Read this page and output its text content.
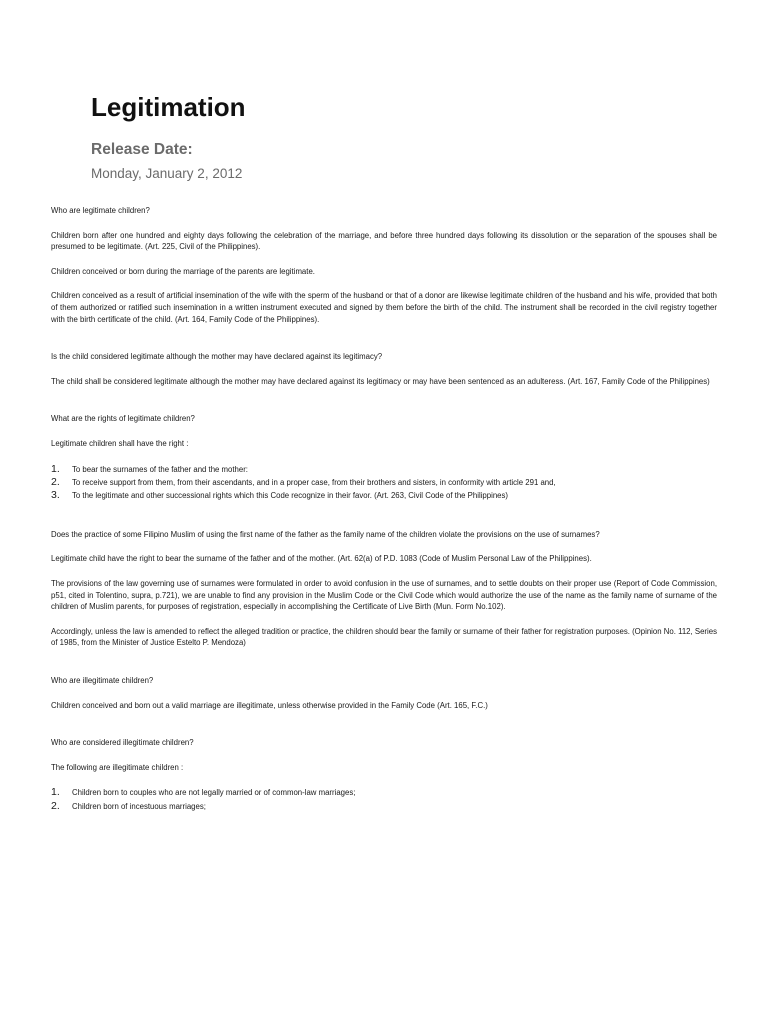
Legitimation
Release Date:
Monday, January 2, 2012

Who are legitimate children?

Children born after one hundred and eighty days following the celebration of the marriage, and before three hundred days following its dissolution or the separation of the spouses shall be presumed to be legitimate. (Art. 225, Civil of the Philippines).

Children conceived or born during the marriage of the parents are legitimate.

Children conceived as a result of artificial insemination of the wife with the sperm of the husband or that of a donor are likewise legitimate children of the husband and his wife, provided that both of them authorized or ratified such insemination in a written instrument executed and signed by them before the birth of the child. The instrument shall be recorded in the civil registry together with the birth certificate of the child. (Art. 164, Family Code of the Philippines).

Is the child considered legitimate although the mother may have declared against its legitimacy?

The child shall be considered legitimate although the mother may have declared against its legitimacy or may have been sentenced as an adulteress. (Art. 167, Family Code of the Philippines)

What are the rights of legitimate children?

Legitimate children shall have the right :

1. To bear the surnames of the father and the mother:
2. To receive support from them, from their ascendants, and in a proper case, from their brothers and sisters, in conformity with article 291 and,
3. To the legitimate and other successional rights which this Code recognize in their favor. (Art. 263, Civil Code of the Philippines)

Does the practice of some Filipino Muslim of using the first name of the father as the family name of the children violate the provisions on the use of surnames?

Legitimate child have the right to bear the surname of the father and of the mother. (Art. 62(a) of P.D. 1083 (Code of Muslim Personal Law of the Philippines).

The provisions of the law governing use of surnames were formulated in order to avoid confusion in the use of surnames, and to settle doubts on their proper use (Report of Code Commission, p51, cited in Tolentino, supra, p.721), we are unable to find any provision in the Muslim Code or the Civil Code which would authorize the use of the name as the family name of surname of the children of Muslim parents, for purposes of registration, especially in accomplishing the Certificate of Live Birth (Mun. Form No.102).

Accordingly, unless the law is amended to reflect the alleged tradition or practice, the children should bear the family or surname of their father for registration purposes. (Opinion No. 112, Series of 1985, from the Minister of Justice Estelto P. Mendoza)

Who are illegitimate children?

Children conceived and born out a valid marriage are illegitimate, unless otherwise provided in the Family Code (Art. 165, F.C.)

Who are considered illegitimate children?

The following are illegitimate children :

1. Children born to couples who are not legally married or of common-law marriages;
2. Children born of incestuous marriages;
